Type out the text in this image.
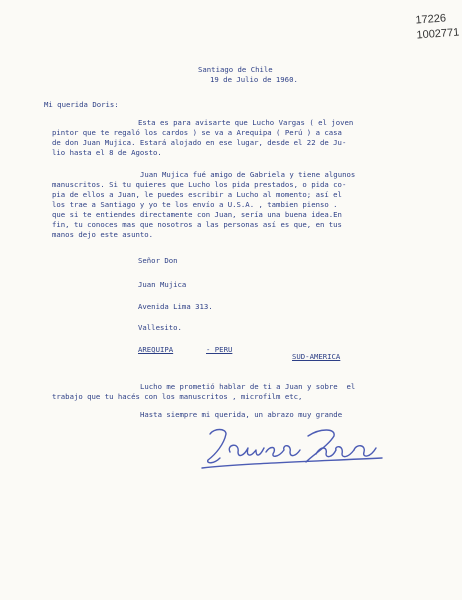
17226
1002771
Santiago de Chile
19 de Julio de 1960.
Mi querida Doris:
Esta es para avisarte que Lucho Vargas ( el joven
pintor que te regaló los cardos ) se va a Arequipa ( Perú ) a casa
de don Juan Mujica. Estará alojado en ese lugar, desde el 22 de Ju-
lio hasta el 8 de Agosto.
Juan Mujica fué amigo de Gabriela y tiene algunos
manuscritos. Si tu quieres que Lucho los pida prestados, o pida co-
pia de ellos a Juan, le puedes escribir a Lucho al momento; así el
los trae a Santiago y yo te los envío a U.S.A. , tambien pienso .
que si te entiendes directamente con Juan, sería una buena idea.En
fin, tu conoces mas que nosotros a las personas así es que, en tus
manos dejo este asunto.
Señor Don
Juan Mujica
Avenida Lima 313.
Vallesito.
AREQUIPA	- PERU
SUD-AMERICA
Lucho me prometió hablar de ti a Juan y sobre  el
trabajo que tu hacés con los manuscritos , microfilm etc,
Hasta siempre mi querida, un abrazo muy grande
